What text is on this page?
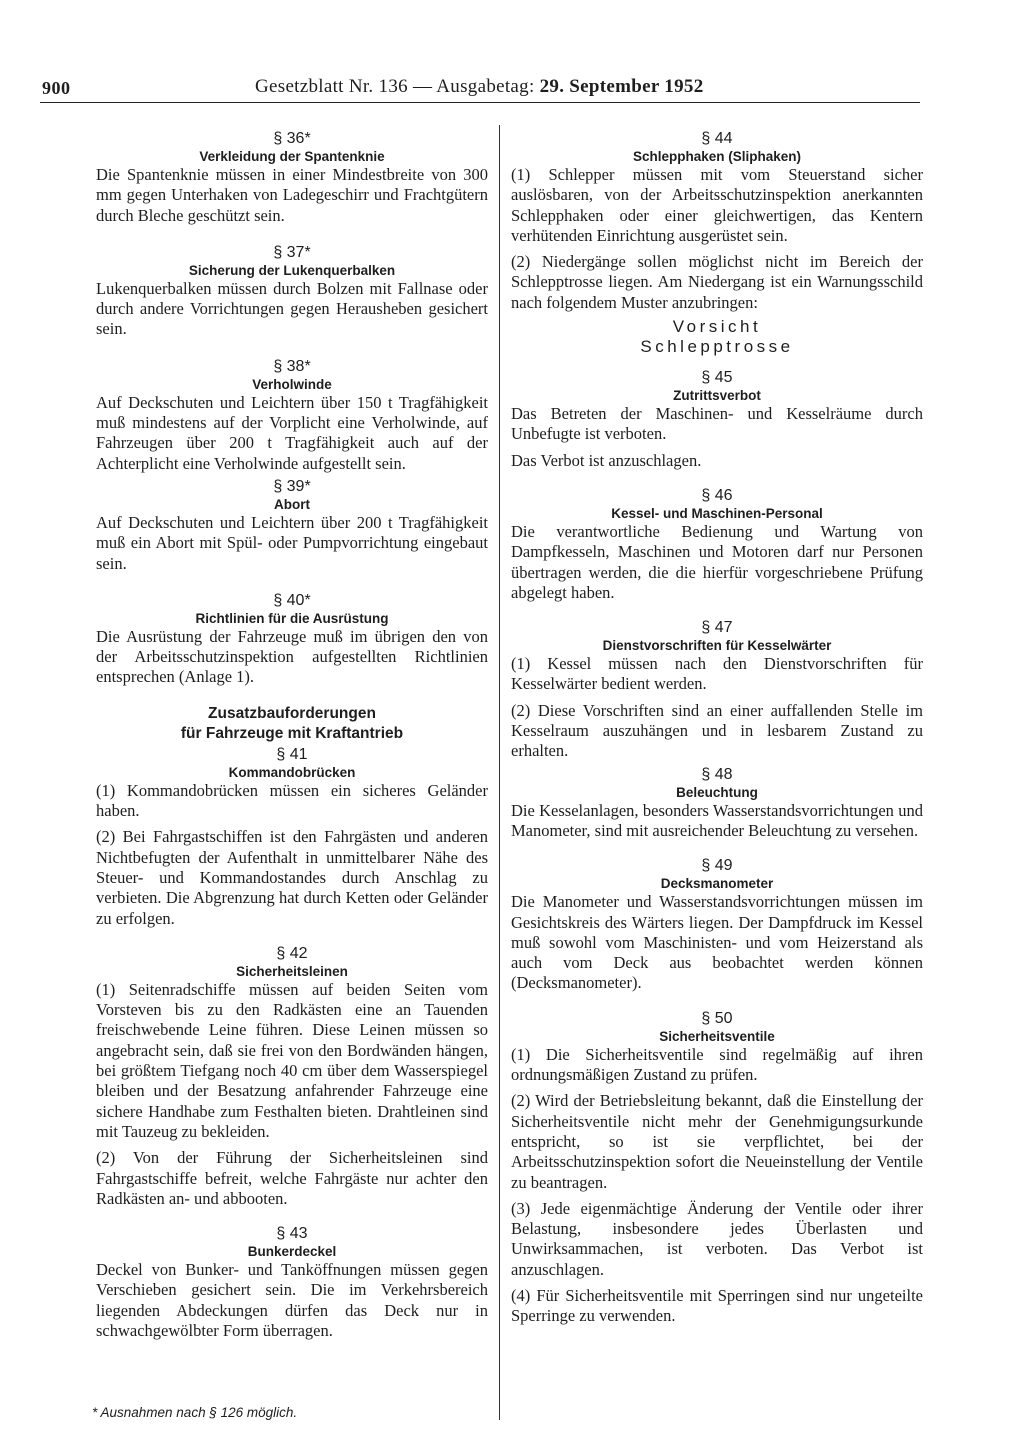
900	Gesetzblatt Nr. 136 — Ausgabetag: 29. September 1952
§ 36*
Verkleidung der Spantenknie

Die Spantenknie müssen in einer Mindestbreite von 300 mm gegen Unterhaken von Ladegeschirr und Frachtgütern durch Bleche geschützt sein.

§ 37*
Sicherung der Lukenquerbalken

Lukenquerbalken müssen durch Bolzen mit Fallnase oder durch andere Vorrichtungen gegen Herausheben gesichert sein.

§ 38*
Verholwinde

Auf Deckschuten und Leichtern über 150 t Tragfähigkeit muß mindestens auf der Vorplicht eine Verholwinde, auf Fahrzeugen über 200 t Tragfähigkeit auch auf der Achterplicht eine Verholwinde aufgestellt sein.

§ 39*
Abort

Auf Deckschuten und Leichtern über 200 t Tragfähigkeit muß ein Abort mit Spül- oder Pumpvorrichtung eingebaut sein.

§ 40*
Richtlinien für die Ausrüstung

Die Ausrüstung der Fahrzeuge muß im übrigen den von der Arbeitsschutzinspektion aufgestellten Richtlinien entsprechen (Anlage 1).

Zusatzbauforderungen
für Fahrzeuge mit Kraftantrieb
§ 41
Kommandobrücken

(1) Kommandobrücken müssen ein sicheres Geländer haben.

(2) Bei Fahrgastschiffen ist den Fahrgästen und anderen Nichtbefugten der Aufenthalt in unmittelbarer Nähe des Steuer- und Kommandostandes durch Anschlag zu verbieten. Die Abgrenzung hat durch Ketten oder Geländer zu erfolgen.

§ 42
Sicherheitsleinen

(1) Seitenradschiffe müssen auf beiden Seiten vom Vorsteven bis zu den Radkästen eine an Tauenden freischwebende Leine führen. Diese Leinen müssen so angebracht sein, daß sie frei von den Bordwänden hängen, bei größtem Tiefgang noch 40 cm über dem Wasserspiegel bleiben und der Besatzung anfahrender Fahrzeuge eine sichere Handhabe zum Festhalten bieten. Drahtleinen sind mit Tauzeug zu bekleiden.

(2) Von der Führung der Sicherheitsleinen sind Fahrgastschiffe befreit, welche Fahrgäste nur achter den Radkästen an- und abbooten.

§ 43
Bunkerdeckel

Deckel von Bunker- und Tanköffnungen müssen gegen Verschieben gesichert sein. Die im Verkehrsbereich liegenden Abdeckungen dürfen das Deck nur in schwachgewölbter Form überragen.

* Ausnahmen nach § 126 möglich.
§ 44
Schlepphaken (Sliphaken)

(1) Schlepper müssen mit vom Steuerstand sicher auslösbaren, von der Arbeitsschutzinspektion anerkannten Schlepphaken oder einer gleichwertigen, das Kentern verhütenden Einrichtung ausgerüstet sein.

(2) Niedergänge sollen möglichst nicht im Bereich der Schlepptrosse liegen. Am Niedergang ist ein Warnungsschild nach folgendem Muster anzubringen:

Vorsicht
Schlepptrosse
§ 45
Zutrittsverbot

Das Betreten der Maschinen- und Kesselräume durch Unbefugte ist verboten.

Das Verbot ist anzuschlagen.

§ 46
Kessel- und Maschinen-Personal

Die verantwortliche Bedienung und Wartung von Dampfkesseln, Maschinen und Motoren darf nur Personen übertragen werden, die die hierfür vorgeschriebene Prüfung abgelegt haben.

§ 47
Dienstvorschriften für Kesselwärter

(1) Kessel müssen nach den Dienstvorschriften für Kesselwärter bedient werden.

(2) Diese Vorschriften sind an einer auffallenden Stelle im Kesselraum auszuhängen und in lesbarem Zustand zu erhalten.

§ 48
Beleuchtung

Die Kesselanlagen, besonders Wasserstandsvorrichtungen und Manometer, sind mit ausreichender Beleuchtung zu versehen.

§ 49
Decksmanometer

Die Manometer und Wasserstandsvorrichtungen müssen im Gesichtskreis des Wärters liegen. Der Dampfdruck im Kessel muß sowohl vom Maschinisten- und vom Heizerstand als auch vom Deck aus beobachtet werden können (Decksmanometer).

§ 50
Sicherheitsventile

(1) Die Sicherheitsventile sind regelmäßig auf ihren ordnungsmäßigen Zustand zu prüfen.

(2) Wird der Betriebsleitung bekannt, daß die Einstellung der Sicherheitsventile nicht mehr der Genehmigungsurkunde entspricht, so ist sie verpflichtet, bei der Arbeitsschutzinspektion sofort die Neueinstellung der Ventile zu beantragen.

(3) Jede eigenmächtige Änderung der Ventile oder ihrer Belastung, insbesondere jedes Überlasten und Unwirksammachen, ist verboten. Das Verbot ist anzuschlagen.

(4) Für Sicherheitsventile mit Sperringen sind nur ungeteilte Sperringe zu verwenden.
